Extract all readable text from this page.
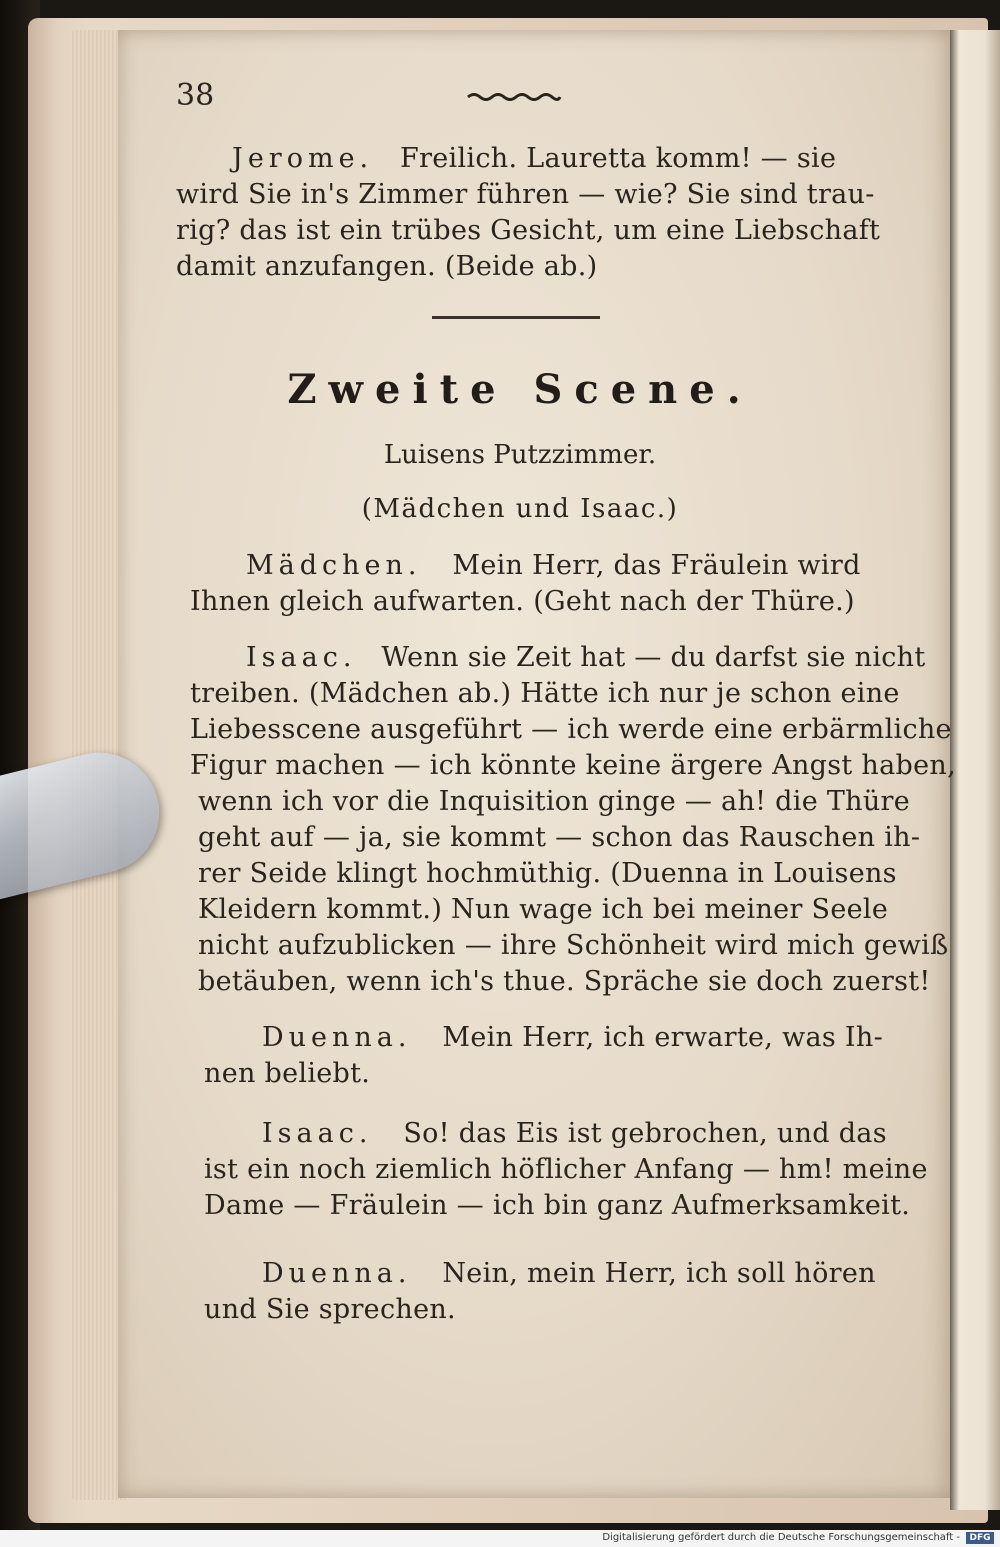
38
Jerome. Freilich. Lauretta komm! — sie
wird Sie in's Zimmer führen — wie? Sie sind trau-
rig? das ist ein trübes Gesicht, um eine Liebschaft
damit anzufangen. (Beide ab.)
Zweite Scene.
Luisens Putzzimmer.
(Mädchen und Isaac.)
Mädchen. Mein Herr, das Fräulein wird
Ihnen gleich aufwarten. (Geht nach der Thüre.)
Isaac. Wenn sie Zeit hat — du darfst sie nicht
treiben. (Mädchen ab.) Hätte ich nur je schon eine
Liebesscene ausgeführt — ich werde eine erbärmliche
Figur machen — ich könnte keine ärgere Angst haben,
wenn ich vor die Inquisition ginge — ah! die Thüre
geht auf — ja, sie kommt — schon das Rauschen ih-
rer Seide klingt hochmüthig. (Duenna in Louisens
Kleidern kommt.) Nun wage ich bei meiner Seele
nicht aufzublicken — ihre Schönheit wird mich gewiß
betäuben, wenn ich's thue. Spräche sie doch zuerst!
Duenna. Mein Herr, ich erwarte, was Ih-
nen beliebt.
Isaac. So! das Eis ist gebrochen, und das
ist ein noch ziemlich höflicher Anfang — hm! meine
Dame — Fräulein — ich bin ganz Aufmerksamkeit.
Duenna. Nein, mein Herr, ich soll hören
und Sie sprechen.
Digitalisierung gefördert durch die Deutsche Forschungsgemeinschaft -	DFG
